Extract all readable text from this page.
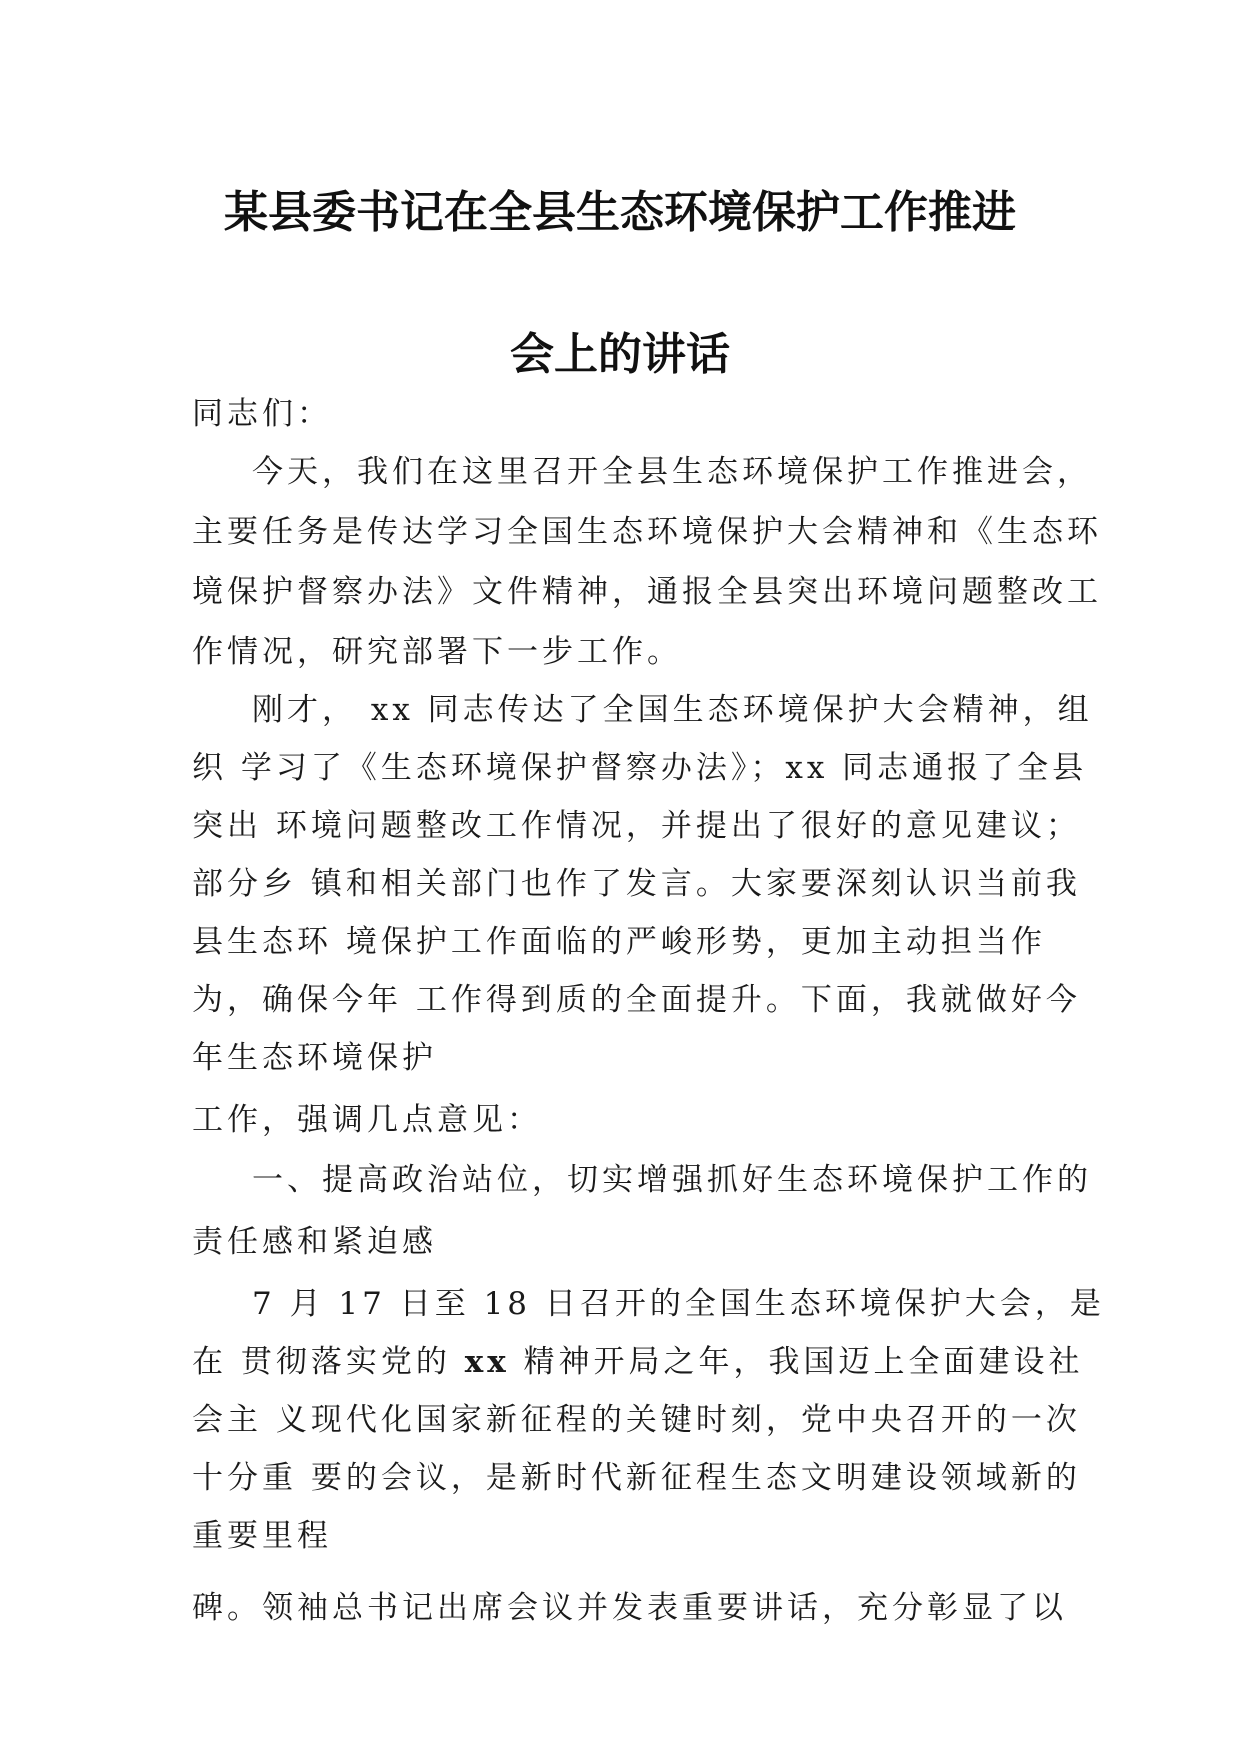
某县委书记在全县生态环境保护工作推进
会上的讲话
同志们：
今天，我们在这里召开全县生态环境保护工作推进会，
主要任务是传达学习全国生态环境保护大会精神和《生态环
境保护督察办法》文件精神，通报全县突出环境问题整改工
作情况，研究部署下一步工作。
刚才， xx 同志传达了全国生态环境保护大会精神，组
织 学习了《生态环境保护督察办法》；xx 同志通报了全县
突出 环境问题整改工作情况，并提出了很好的意见建议；
部分乡 镇和相关部门也作了发言。大家要深刻认识当前我
县生态环 境保护工作面临的严峻形势，更加主动担当作
为，确保今年 工作得到质的全面提升。下面，我就做好今
年生态环境保护
工作，强调几点意见：
一、提高政治站位，切实增强抓好生态环境保护工作的
责任感和紧迫感
7 月 17 日至 18 日召开的全国生态环境保护大会，是
在 贯彻落实党的 xx 精神开局之年，我国迈上全面建设社
会主 义现代化国家新征程的关键时刻，党中央召开的一次
十分重 要的会议，是新时代新征程生态文明建设领域新的
重要里程
碑。领袖总书记出席会议并发表重要讲话，充分彰显了以
